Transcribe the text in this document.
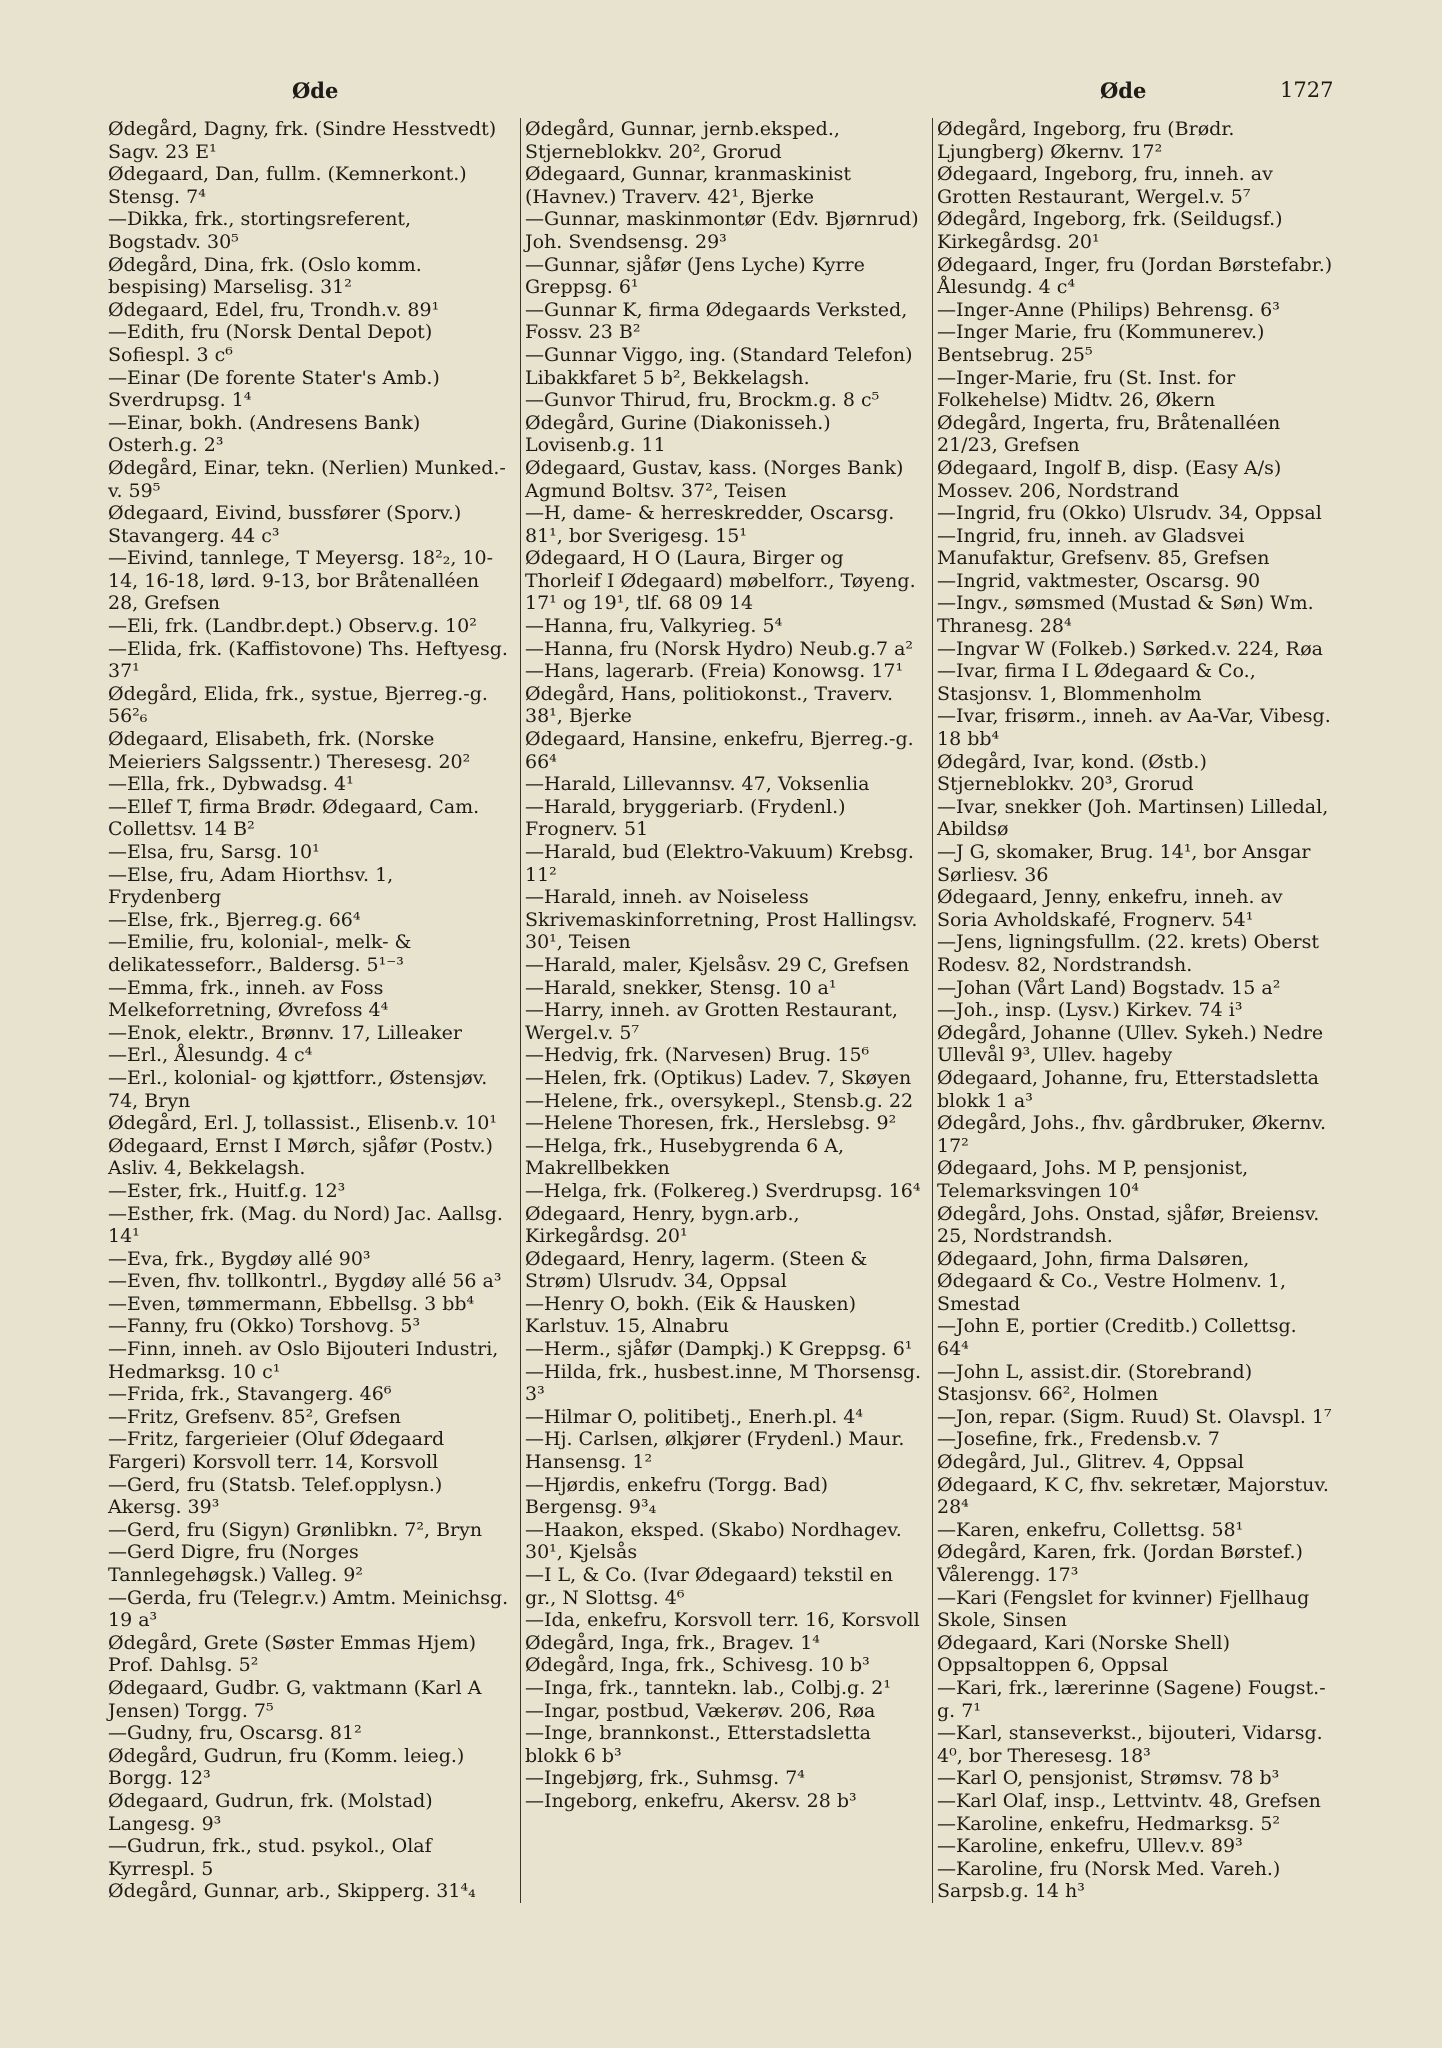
Øde	Øde	1727
Ødegård, Dagny, frk. (Sindre Hesstvedt) Sagv. 23 E¹
Ødegaard, Dan, fullm. (Kemnerkont.) Stensg. 7⁴
—Dikka, frk., stortingsreferent, Bogstadv. 30⁵
Ødegård, Dina, frk. (Oslo komm. bespising) Marselisg. 31²
Ødegaard, Edel, fru, Trondh.v. 89¹
—Edith, fru (Norsk Dental Depot) Sofiespl. 3 c⁶
—Einar (De forente Stater's Amb.) Sverdrupsg. 1⁴
—Einar, bokh. (Andresens Bank) Osterh.g. 2³
Ødegård, Einar, tekn. (Nerlien) Munked.-v. 59⁵
Ødegaard, Eivind, bussfører (Sporv.) Stavangerg. 44 c³
—Eivind, tannlege, T Meyersg. 18²₂, 10-14, 16-18, lørd. 9-13, bor Bråtenalléen 28, Grefsen
—Eli, frk. (Landbr.dept.) Observ.g. 10²
—Elida, frk. (Kaffistovone) Ths. Heftyesg. 37¹
Ødegård, Elida, frk., systue, Bjerreg.-g. 56²₆
Ødegaard, Elisabeth, frk. (Norske Meieriers Salgssentr.) Theresesg. 20²
—Ella, frk., Dybwadsg. 4¹
—Ellef T, firma Brødr. Ødegaard, Cam. Collettsv. 14 B²
—Elsa, fru, Sarsg. 10¹
—Else, fru, Adam Hiorthsv. 1, Frydenberg
—Else, frk., Bjerreg.g. 66⁴
—Emilie, fru, kolonial-, melk- & delikatesseforr., Baldersg. 5¹⁻³
—Emma, frk., inneh. av Foss Melkeforretning, Øvrefoss 4⁴
—Enok, elektr., Brønnv. 17, Lilleaker
—Erl., Ålesundg. 4 c⁴
—Erl., kolonial- og kjøttforr., Østensjøv. 74, Bryn
Ødegård, Erl. J, tollassist., Elisenb.v. 10¹
Ødegaard, Ernst I Mørch, sjåfør (Postv.) Asliv. 4, Bekkelagsh.
—Ester, frk., Huitf.g. 12³
—Esther, frk. (Mag. du Nord) Jac. Aallsg. 14¹
—Eva, frk., Bygdøy allé 90³
—Even, fhv. tollkontrl., Bygdøy allé 56 a³
—Even, tømmermann, Ebbellsg. 3 bb⁴
—Fanny, fru (Okko) Torshovg. 5³
—Finn, inneh. av Oslo Bijouteri Industri, Hedmarksg. 10 c¹
—Frida, frk., Stavangerg. 46⁶
—Fritz, Grefsenv. 85², Grefsen
—Fritz, fargerieier (Oluf Ødegaard Fargeri) Korsvoll terr. 14, Korsvoll
—Gerd, fru (Statsb. Telef.opplysn.) Akersg. 39³
—Gerd, fru (Sigyn) Grønlibkn. 7², Bryn
—Gerd Digre, fru (Norges Tannlegehøgsk.) Valleg. 9²
—Gerda, fru (Telegr.v.) Amtm. Meinichsg. 19 a³
Ødegård, Grete (Søster Emmas Hjem) Prof. Dahlsg. 5²
Ødegaard, Gudbr. G, vaktmann (Karl A Jensen) Torgg. 7⁵
—Gudny, fru, Oscarsg. 81²
Ødegård, Gudrun, fru (Komm. leieg.) Borgg. 12³
Ødegaard, Gudrun, frk. (Molstad) Langesg. 9³
—Gudrun, frk., stud. psykol., Olaf Kyrrespl. 5
Ødegård, Gunnar, arb., Skipperg. 31⁴₄
Ødegård, Gunnar, jernb.eksped., Stjerneblokkv. 20², Grorud
Ødegaard, Gunnar, kranmaskinist (Havnev.) Traverv. 42¹, Bjerke
—Gunnar, maskinmontør (Edv. Bjørnrud) Joh. Svendsensg. 29³
—Gunnar, sjåfør (Jens Lyche) Kyrre Greppsg. 6¹
—Gunnar K, firma Ødegaards Verksted, Fossv. 23 B²
—Gunnar Viggo, ing. (Standard Telefon) Libakkfaret 5 b², Bekkelagsh.
—Gunvor Thirud, fru, Brockm.g. 8 c⁵
Ødegård, Gurine (Diakonisseh.) Lovisenb.g. 11
Ødegaard, Gustav, kass. (Norges Bank) Agmund Boltsv. 37², Teisen
—H, dame- & herreskredder, Oscarsg. 81¹, bor Sverigesg. 15¹
Ødegaard, H O (Laura, Birger og Thorleif I Ødegaard) møbelforr., Tøyeng. 17¹ og 19¹, tlf. 68 09 14
—Hanna, fru, Valkyrieg. 5⁴
—Hanna, fru (Norsk Hydro) Neub.g.7 a²
—Hans, lagerarb. (Freia) Konowsg. 17¹
Ødegård, Hans, politiokonst., Traverv. 38¹, Bjerke
Ødegaard, Hansine, enkefru, Bjerreg.-g. 66⁴
—Harald, Lillevannsv. 47, Voksenlia
—Harald, bryggeriarb. (Frydenl.) Frognerv. 51
—Harald, bud (Elektro-Vakuum) Krebsg. 11²
—Harald, inneh. av Noiseless Skrivemaskinforretning, Prost Hallingsv. 30¹, Teisen
—Harald, maler, Kjelsåsv. 29 C, Grefsen
—Harald, snekker, Stensg. 10 a¹
—Harry, inneh. av Grotten Restaurant, Wergel.v. 5⁷
—Hedvig, frk. (Narvesen) Brug. 15⁶
—Helen, frk. (Optikus) Ladev. 7, Skøyen
—Helene, frk., oversykepl., Stensb.g. 22
—Helene Thoresen, frk., Herslebsg. 9²
—Helga, frk., Husebygrenda 6 A, Makrellbekken
—Helga, frk. (Folkereg.) Sverdrupsg. 16⁴
Ødegaard, Henry, bygn.arb., Kirkegårdsg. 20¹
Ødegaard, Henry, lagerm. (Steen & Strøm) Ulsrudv. 34, Oppsal
—Henry O, bokh. (Eik & Hausken) Karlstuv. 15, Alnabru
—Herm., sjåfør (Dampkj.) K Greppsg. 6¹
—Hilda, frk., husbest.inne, M Thorsensg. 3³
—Hilmar O, politibetj., Enerh.pl. 4⁴
—Hj. Carlsen, ølkjører (Frydenl.) Maur. Hansensg. 1²
—Hjørdis, enkefru (Torgg. Bad) Bergensg. 9³₄
—Haakon, eksped. (Skabo) Nordhagev. 30¹, Kjelsås
—I L, & Co. (Ivar Ødegaard) tekstil en gr., N Slottsg. 4⁶
—Ida, enkefru, Korsvoll terr. 16, Korsvoll
Ødegård, Inga, frk., Bragev. 1⁴
Ødegård, Inga, frk., Schivesg. 10 b³
—Inga, frk., tanntekn. lab., Colbj.g. 2¹
—Ingar, postbud, Vækerøv. 206, Røa
—Inge, brannkonst., Etterstadsletta blokk 6 b³
—Ingebjørg, frk., Suhmsg. 7⁴
—Ingeborg, enkefru, Akersv. 28 b³
Ødegård, Ingeborg, fru (Brødr. Ljungberg) Økernv. 17²
Ødegaard, Ingeborg, fru, inneh. av Grotten Restaurant, Wergel.v. 5⁷
Ødegård, Ingeborg, frk. (Seildugsf.) Kirkegårdsg. 20¹
Ødegaard, Inger, fru (Jordan Børstefabr.) Ålesundg. 4 c⁴
—Inger-Anne (Philips) Behrensg. 6³
—Inger Marie, fru (Kommunerev.) Bentsebrug. 25⁵
—Inger-Marie, fru (St. Inst. for Folkehelse) Midtv. 26, Økern
Ødegård, Ingerta, fru, Bråtenalléen 21/23, Grefsen
Ødegaard, Ingolf B, disp. (Easy A/s) Mossev. 206, Nordstrand
—Ingrid, fru (Okko) Ulsrudv. 34, Oppsal
—Ingrid, fru, inneh. av Gladsvei Manufaktur, Grefsenv. 85, Grefsen
—Ingrid, vaktmester, Oscarsg. 90
—Ingv., sømsmed (Mustad & Søn) Wm. Thranesg. 28⁴
—Ingvar W (Folkeb.) Sørked.v. 224, Røa
—Ivar, firma I L Ødegaard & Co., Stasjonsv. 1, Blommenholm
—Ivar, frisørm., inneh. av Aa-Var, Vibesg. 18 bb⁴
Ødegård, Ivar, kond. (Østb.) Stjerneblokkv. 20³, Grorud
—Ivar, snekker (Joh. Martinsen) Lilledal, Abildsø
—J G, skomaker, Brug. 14¹, bor Ansgar Sørliesv. 36
Ødegaard, Jenny, enkefru, inneh. av Soria Avholdskafé, Frognerv. 54¹
—Jens, ligningsfullm. (22. krets) Oberst Rodesv. 82, Nordstrandsh.
—Johan (Vårt Land) Bogstadv. 15 a²
—Joh., insp. (Lysv.) Kirkev. 74 i³
Ødegård, Johanne (Ullev. Sykeh.) Nedre Ullevål 9³, Ullev. hageby
Ødegaard, Johanne, fru, Etterstadsletta blokk 1 a³
Ødegård, Johs., fhv. gårdbruker, Økernv. 17²
Ødegaard, Johs. M P, pensjonist, Telemarksvingen 10⁴
Ødegård, Johs. Onstad, sjåfør, Breiensv. 25, Nordstrandsh.
Ødegaard, John, firma Dalsøren, Ødegaard & Co., Vestre Holmenv. 1, Smestad
—John E, portier (Creditb.) Collettsg. 64⁴
—John L, assist.dir. (Storebrand) Stasjonsv. 66², Holmen
—Jon, repar. (Sigm. Ruud) St. Olavspl. 1⁷
—Josefine, frk., Fredensb.v. 7
Ødegård, Jul., Glitrev. 4, Oppsal
Ødegaard, K C, fhv. sekretær, Majorstuv. 28⁴
—Karen, enkefru, Collettsg. 58¹
Ødegård, Karen, frk. (Jordan Børstef.) Vålerengg. 17³
—Kari (Fengslet for kvinner) Fjellhaug Skole, Sinsen
Ødegaard, Kari (Norske Shell) Oppsaltoppen 6, Oppsal
—Kari, frk., lærerinne (Sagene) Fougst.-g. 7¹
—Karl, stanseverkst., bijouteri, Vidarsg. 4⁰, bor Theresesg. 18³
—Karl O, pensjonist, Strømsv. 78 b³
—Karl Olaf, insp., Lettvintv. 48, Grefsen
—Karoline, enkefru, Hedmarksg. 5²
—Karoline, enkefru, Ullev.v. 89³
—Karoline, fru (Norsk Med. Vareh.) Sarpsb.g. 14 h³
